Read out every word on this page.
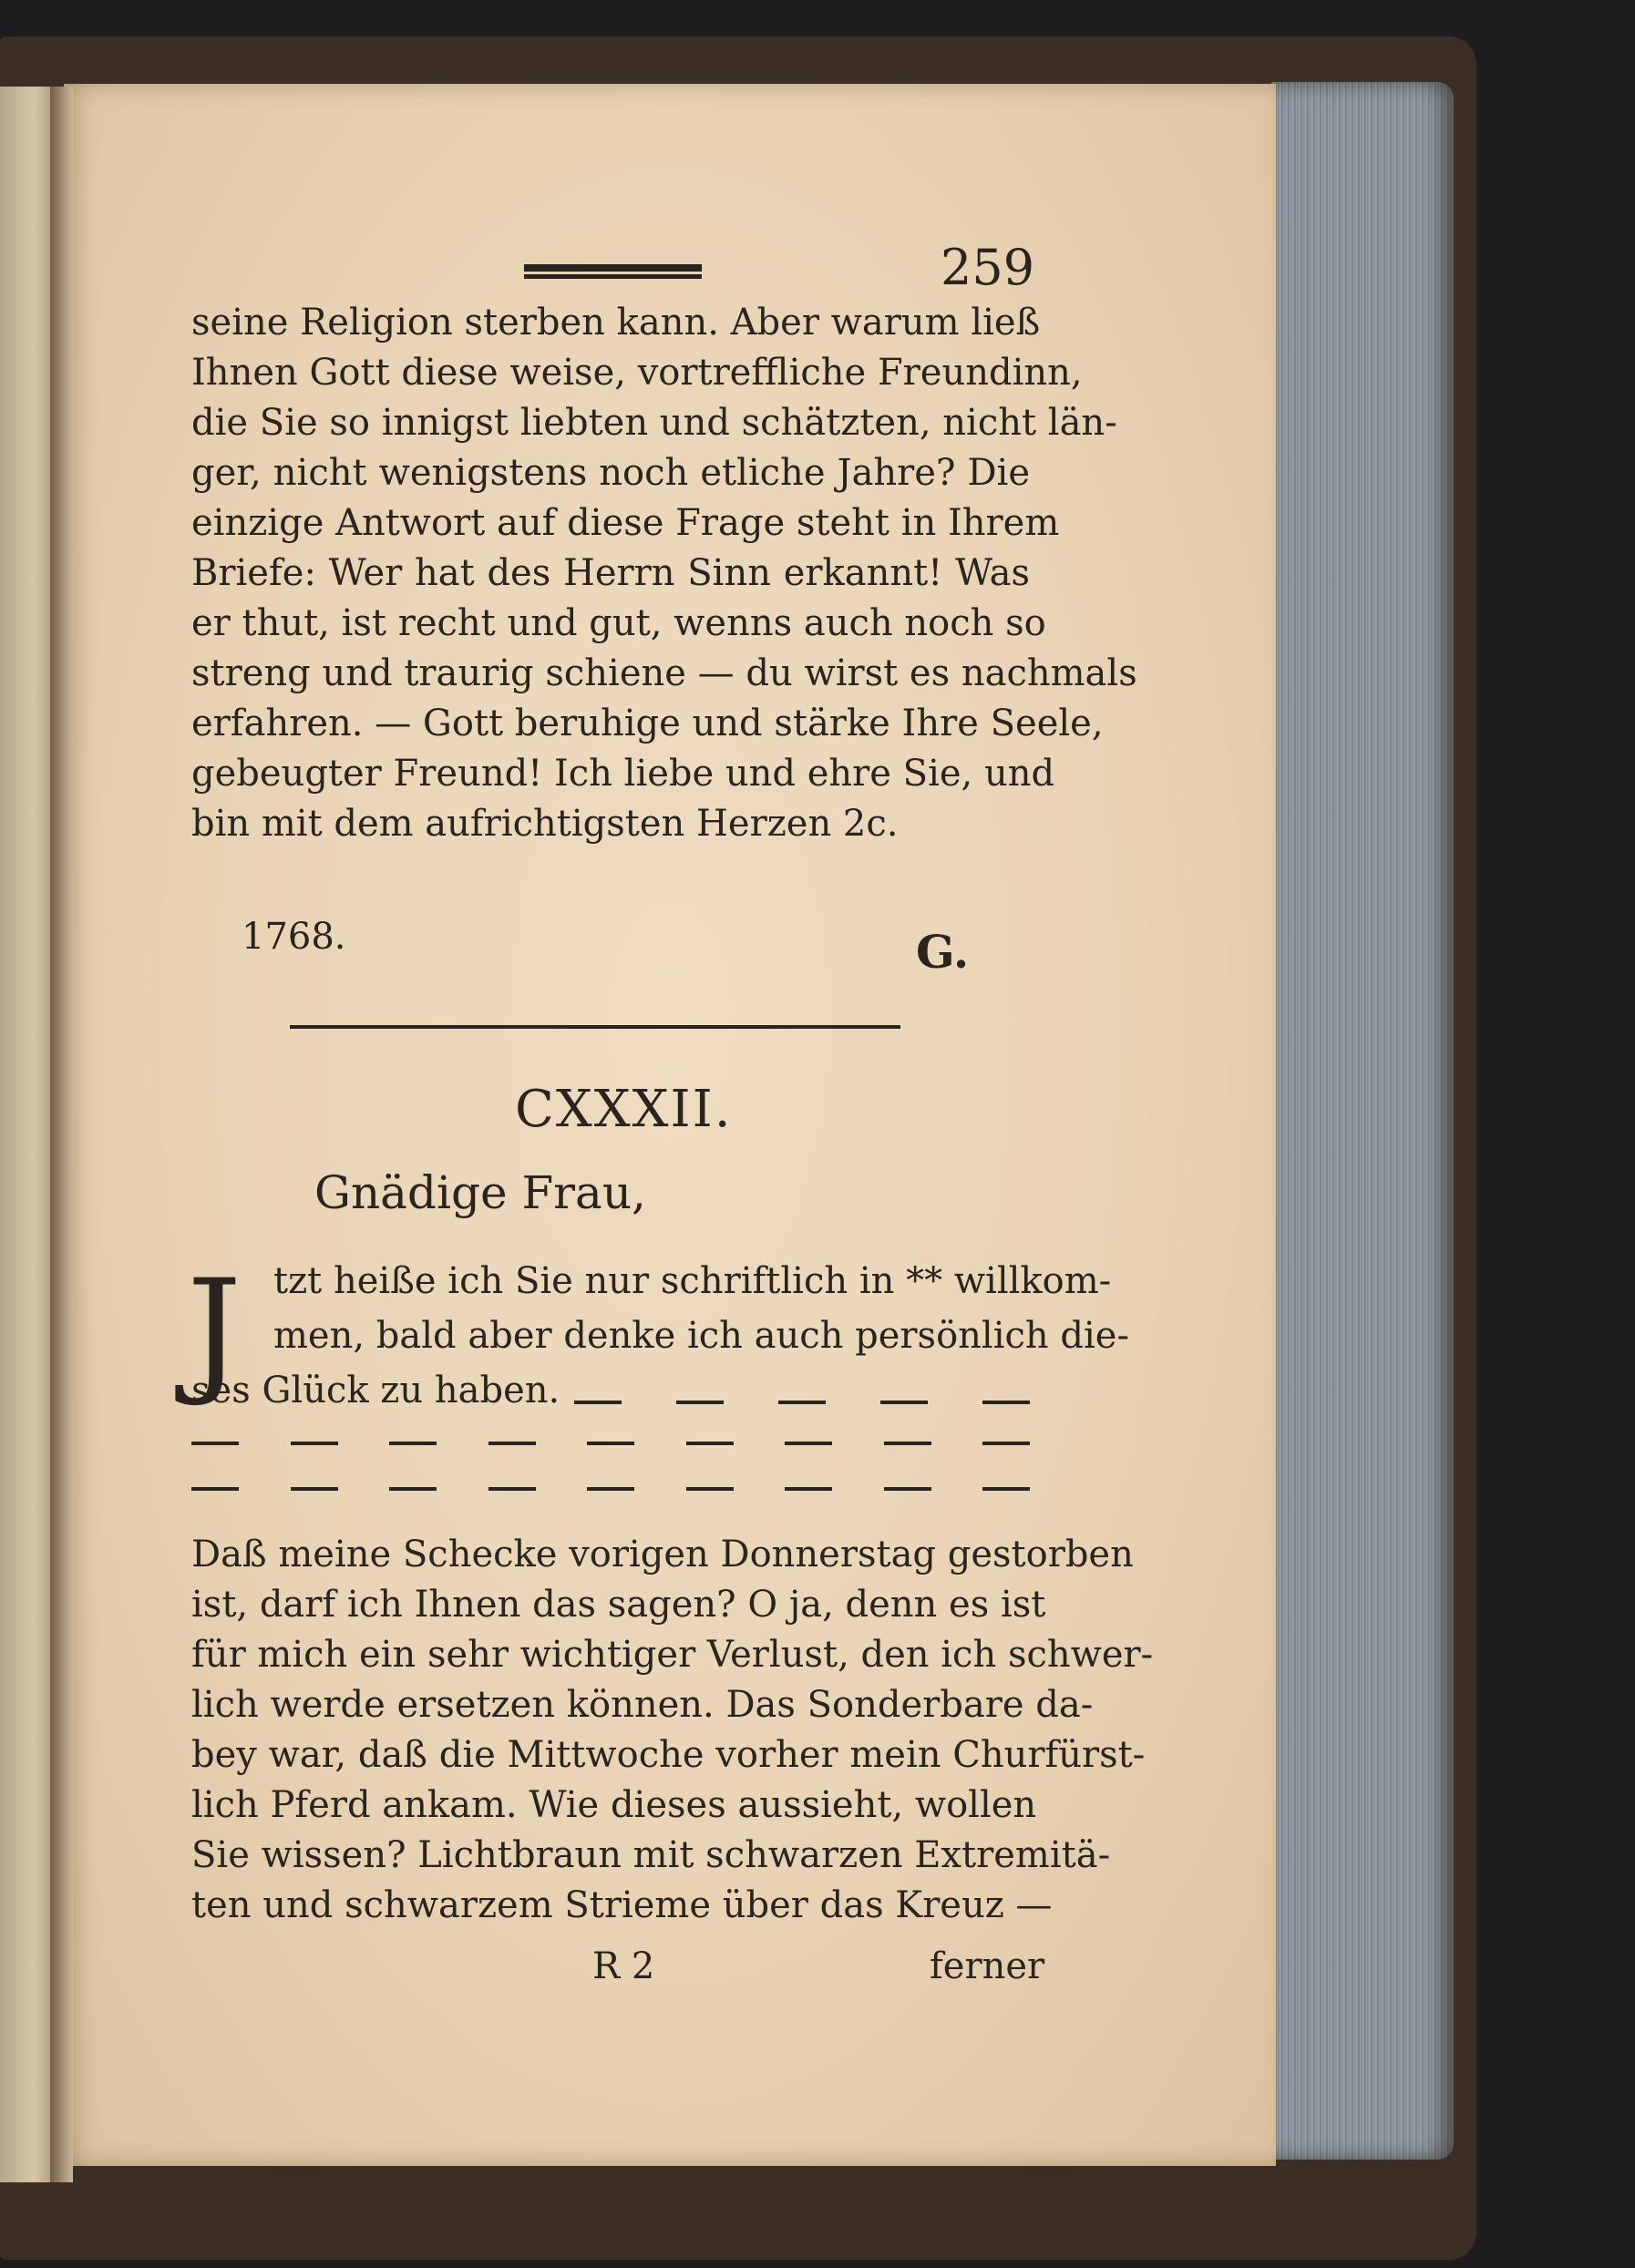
259
seine Religion sterben kann. Aber warum ließ
Ihnen Gott diese weise, vortreffliche Freundinn,
die Sie so innigst liebten und schätzten, nicht län-
ger, nicht wenigstens noch etliche Jahre? Die
einzige Antwort auf diese Frage steht in Ihrem
Briefe: Wer hat des Herrn Sinn erkannt! Was
er thut, ist recht und gut, wenns auch noch so
streng und traurig schiene — du wirst es nachmals
erfahren. — Gott beruhige und stärke Ihre Seele,
gebeugter Freund! Ich liebe und ehre Sie, und
bin mit dem aufrichtigsten Herzen 2c.
1768.	G.
CXXXII.
Gnädige Frau,
J tzt heiße ich Sie nur schriftlich in ** willkom-
men, bald aber denke ich auch persönlich die-
ses Glück zu haben.
Daß meine Schecke vorigen Donnerstag gestorben
ist, darf ich Ihnen das sagen? O ja, denn es ist
für mich ein sehr wichtiger Verlust, den ich schwer-
lich werde ersetzen können. Das Sonderbare da-
bey war, daß die Mittwoche vorher mein Churfürst-
lich Pferd ankam. Wie dieses aussieht, wollen
Sie wissen? Lichtbraun mit schwarzen Extremitä-
ten und schwarzem Strieme über das Kreuz —
R 2	ferner
